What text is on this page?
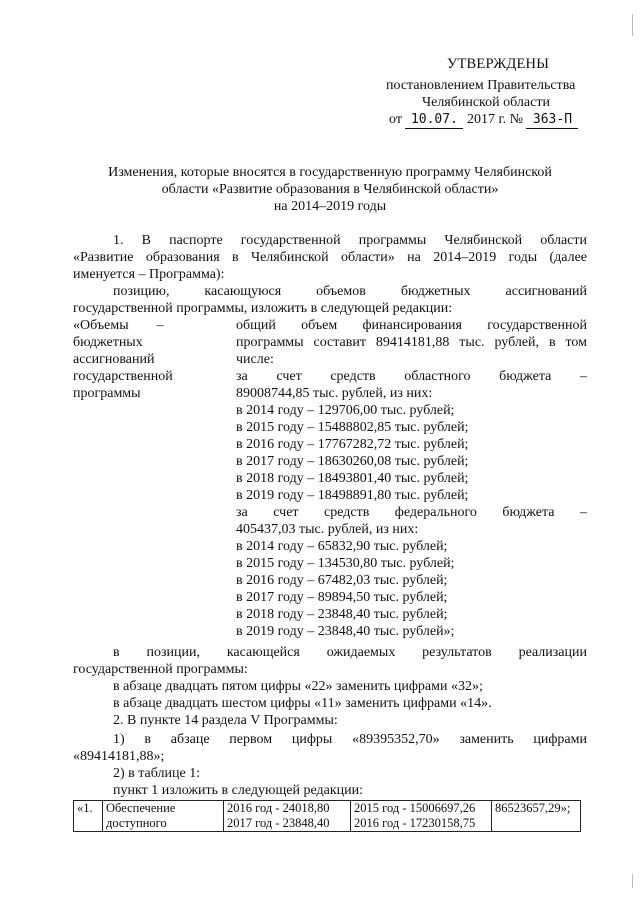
УТВЕРЖДЕНЫ
постановлением Правительства
Челябинской области
от 10.07. 2017 г. № 363-П
Изменения, которые вносятся в государственную программу Челябинской
области «Развитие образования в Челябинской области»
на 2014–2019 годы
1. В паспорте государственной программы Челябинской области
«Развитие образования в Челябинской области» на 2014–2019 годы (далее
именуется – Программа):
позицию, касающуюся объемов бюджетных ассигнований
государственной программы, изложить в следующей редакции:
«Объемы        –
бюджетных
ассигнований
государственной
программы
общий объем финансирования государственной
программы составит 89414181,88 тыс. рублей, в том
числе:
за счет средств областного бюджета –
89008744,85 тыс. рублей, из них:
в 2014 году – 129706,00 тыс. рублей;
в 2015 году – 15488802,85 тыс. рублей;
в 2016 году – 17767282,72 тыс. рублей;
в 2017 году – 18630260,08 тыс. рублей;
в 2018 году – 18493801,40 тыс. рублей;
в 2019 году – 18498891,80 тыс. рублей;
за счет средств федерального бюджета –
405437,03 тыс. рублей, из них:
в 2014 году – 65832,90 тыс. рублей;
в 2015 году – 134530,80 тыс. рублей;
в 2016 году – 67482,03 тыс. рублей;
в 2017 году – 89894,50 тыс. рублей;
в 2018 году – 23848,40 тыс. рублей;
в 2019 году – 23848,40 тыс. рублей»;
в позиции, касающейся ожидаемых результатов реализации
государственной программы:
в абзаце двадцать пятом цифры «22» заменить цифрами «32»;
в абзаце двадцать шестом цифры «11» заменить цифрами «14».
2. В пункте 14 раздела V Программы:
1) в абзаце первом цифры «89395352,70» заменить цифрами
«89414181,88»;
2) в таблице 1:
пункт 1 изложить в следующей редакции:
«1.	Обеспечение
доступного

2016 год - 24018,80
2017 год - 23848,40

2015 год - 15006697,26
2016 год - 17230158,75
	86523657,29»;
